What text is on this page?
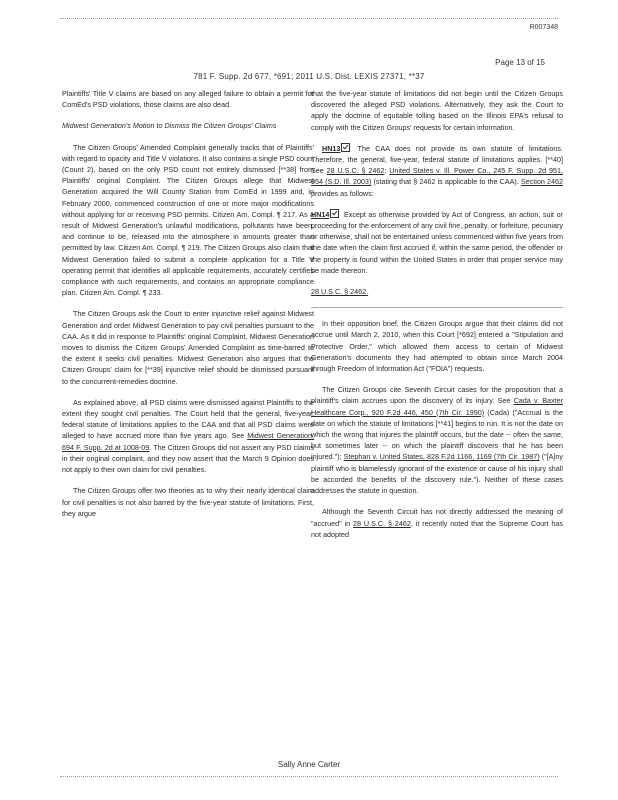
R007348
Page 13 of 15
781 F. Supp. 2d 677, *691; 2011 U.S. Dist. LEXIS 27371, **37

Plaintiffs' Title V claims are based on any alleged failure to obtain a permit for ComEd's PSD violations, those claims are also dead.

Midwest Generation's Motion to Dismiss the Citizen Groups' Claims

The Citizen Groups' Amended Complaint generally tracks that of Plaintiffs' with regard to opacity and Title V violations. It also contains a single PSD count (Count 2), based on the only PSD count not entirely dismissed [**38] from Plaintiffs' original Complaint. The Citizen Groups allege that Midwest Generation acquired the Will County Station from ComEd in 1999 and, in February 2000, commenced construction of one or more major modifications without applying for or receiving PSD permits. Citizen Am. Compl. ¶ 217. As a result of Midwest Generation's unlawful modifications, pollutants have been, and continue to be, released into the atmosphere in amounts greater than permitted by law. Citizen Am. Compl. ¶ 219. The Citizen Groups also claim that Midwest Generation failed to submit a complete application for a Title V operating permit that identifies all applicable requirements, accurately certifies compliance with such requirements, and contains an appropriate compliance plan. Citizen Am. Compl. ¶ 233.

The Citizen Groups ask the Court to enter injunctive relief against Midwest Generation and order Midwest Generation to pay civil penalties pursuant to the CAA. As it did in response to Plaintiffs' original Complaint, Midwest Generation moves to dismiss the Citizen Groups' Amended Complaint as time-barred to the extent it seeks civil penalties. Midwest Generation also argues that the Citizen Groups' claim for [**39] injunctive relief should be dismissed pursuant to the concurrent-remedies doctrine.

As explained above, all PSD claims were dismissed against Plaintiffs to the extent they sought civil penalties. The Court held that the general, five-year, federal statute of limitations applies to the CAA and that all PSD claims were alleged to have accrued more than five years ago. See Midwest Generation, 694 F. Supp. 2d at 1008-09. The Citizen Groups did not assert any PSD claims in their original complaint, and they now assert that the March 9 Opinion does not apply to their own claim for civil penalties.

The Citizen Groups offer two theories as to why their nearly identical claim for civil penalties is not also barred by the five-year statute of limitations. First, they argue

that the five-year statute of limitations did not begin until the Citizen Groups discovered the alleged PSD violations. Alternatively, they ask the Court to apply the doctrine of equitable tolling based on the Illinois EPA's refusal to comply with the Citizen Groups' requests for certain information.

HN13 The CAA does not provide its own statute of limitations. Therefore, the general, five-year, federal statute of limitations applies. [**40] See 28 U.S.C. § 2462; United States v. Ill. Power Co., 245 F. Supp. 2d 951, 954 (S.D. Ill. 2003) (stating that § 2462 is applicable to the CAA). Section 2462 provides as follows:

HN14 Except as otherwise provided by Act of Congress, an action, suit or proceeding for the enforcement of any civil fine, penalty, or forfeiture, pecuniary or otherwise, shall not be entertained unless commenced within five years from the date when the claim first accrued if, within the same period, the offender or the property is found within the United States in order that proper service may be made thereon.

28 U.S.C. § 2462.

In their opposition brief, the Citizen Groups argue that their claims did not accrue until March 2, 2010, when this Court [*692] entered a "Stipulation and Protective Order," which allowed them access to certain of Midwest Generation's documents they had attempted to obtain since March 2004 through Freedom of Information Act ("FOIA") requests.

The Citizen Groups cite Seventh Circuit cases for the proposition that a plaintiff's claim accrues upon the discovery of its injury. See Cada v. Baxter Healthcare Corp., 920 F.2d 446, 450 (7th Cir. 1990) (Cada) ("Accrual is the date on which the statute of limitations [**41] begins to run. It is not the date on which the wrong that injures the plaintiff occurs, but the date -- often the same, but sometimes later -- on which the plaintiff discovers that he has been injured."); Stephan v. United States, 828 F.2d 1166, 1169 (7th Cir. 1987) ("[A]ny plaintiff who is blamelessly ignorant of the existence or cause of his injury shall be accorded the benefits of the discovery rule."). Neither of these cases addresses the statute in question.

Although the Seventh Circuit has not directly addressed the meaning of "accrued" in 28 U.S.C. § 2462, it recently noted that the Supreme Court has not adopted

Sally Anne Carter
